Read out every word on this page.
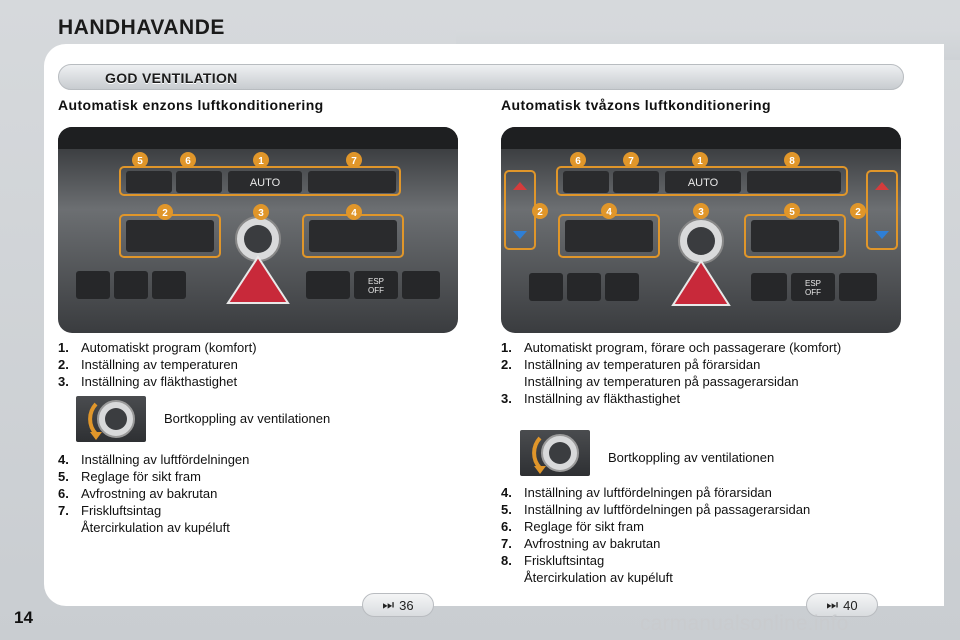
HANDHAVANDE
GOD VENTILATION
Automatisk enzons luftkonditionering
AUTO
ESP
OFF
5	6	1	7
2	3	4
1. Automatiskt program (komfort)
2. Inställning av temperaturen
3. Inställning av fläkthastighet
Bortkoppling av ventilationen
4. Inställning av luftfördelningen
5. Reglage för sikt fram
6. Avfrostning av bakrutan
7. Friskluftsintag
Återcirkulation av kupéluft
⏭ 36
Automatisk tvåzons luftkonditionering
AUTO
ESP
OFF
6	7	1	8
2	4	3	5	2
1. Automatiskt program, förare och passagerare (komfort)
2. Inställning av temperaturen på förarsidan
Inställning av temperaturen på passagerarsidan
3. Inställning av fläkthastighet
Bortkoppling av ventilationen
4. Inställning av luftfördelningen på förarsidan
5. Inställning av luftfördelningen på passagerarsidan
6. Reglage för sikt fram
7. Avfrostning av bakrutan
8. Friskluftsintag
Återcirkulation av kupéluft
⏭ 40
14	carmanualsonline.info
